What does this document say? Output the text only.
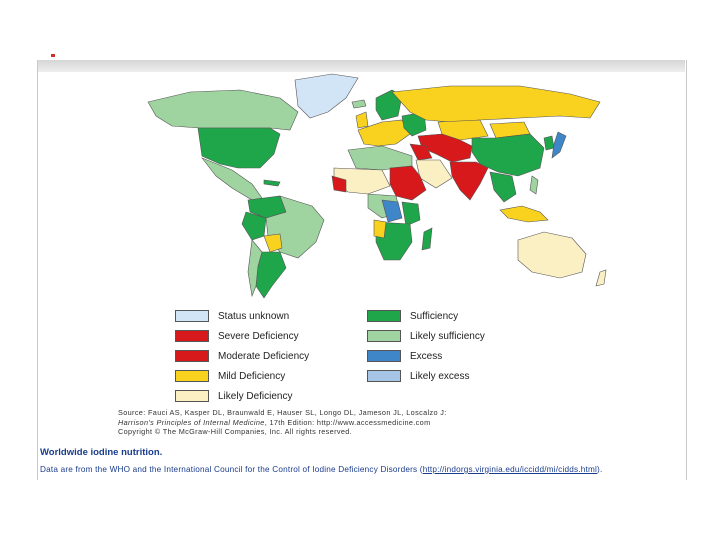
Status unknown	Sufficiency
Severe Deficiency	Likely sufficiency
Moderate Deficiency	Excess
Mild Deficiency	Likely excess
Likely Deficiency
Source: Fauci AS, Kasper DL, Braunwald E, Hauser SL, Longo DL, Jameson JL, Loscalzo J:
Harrison's Principles of Internal Medicine, 17th Edition: http://www.accessmedicine.com
Copyright © The McGraw-Hill Companies, Inc. All rights reserved.
Worldwide iodine nutrition.
Data are from the WHO and the International Council for the Control of Iodine Deficiency Disorders (http://indorgs.virginia.edu/iccidd/mi/cidds.html).
